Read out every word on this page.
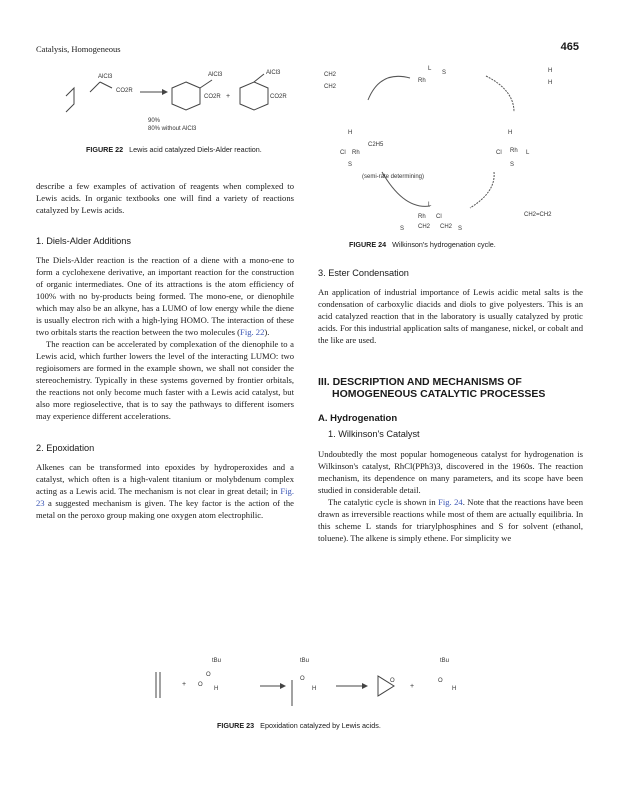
Catalysis, Homogeneous	465
AlCl3
CO2R
AlCl3
CO2R +
AlCl3
CO2R
90%
80% without AlCl3
FIGURE 22 Lewis acid catalyzed Diels-Alder reaction.
CH2
CH2
L
Rh
S	H
H
H	H
Cl Rh
C2H5
S
Cl Rh L
S
(semi-rate determining)
L
Rh Cl
CH2 CH2
CH2=CH2
S	S
FIGURE 24 Wilkinson's hydrogenation cycle.

describe a few examples of activation of reagents when complexed to Lewis acids. In organic textbooks one will find a variety of reactions catalyzed by Lewis acids.

1. Diels-Alder Additions

The Diels-Alder reaction is the reaction of a diene with a mono-ene to form a cyclohexene derivative, an important reaction for the construction of organic intermediates. One of its attractions is the atom efficiency of 100% with no by-products being formed. The mono-ene, or dienophile which may also be an alkyne, has a LUMO of low energy while the diene is usually electron rich with a high-lying HOMO. The interaction of these two orbitals starts the reaction between the two molecules (Fig. 22).

The reaction can be accelerated by complexation of the dienophile to a Lewis acid, which further lowers the level of the interacting LUMO: two regioisomers are formed in the example shown, we shall not consider the stereochemistry. Typically in these systems governed by frontier orbitals, the reactions not only become much faster with a Lewis acid catalyst, but also more regioselective, that is to say the pathways to different isomers may experience different accelerations.

2. Epoxidation

Alkenes can be transformed into epoxides by hydroperoxides and a catalyst, which often is a high-valent titanium or molybdenum complex acting as a Lewis acid. The mechanism is not clear in great detail; in Fig. 23 a suggested mechanism is given. The key factor is the action of the metal on the peroxo group making one oxygen atom electrophilic.

3. Ester Condensation

An application of industrial importance of Lewis acidic metal salts is the condensation of carboxylic diacids and diols to give polyesters. This is an acid catalyzed reaction that in the laboratory is usually catalyzed by protic acids. For this industrial application salts of manganese, nickel, or cobalt and the like are used.

III. DESCRIPTION AND MECHANISMS OF HOMOGENEOUS CATALYTIC PROCESSES

A. Hydrogenation

1. Wilkinson's Catalyst

Undoubtedly the most popular homogeneous catalyst for hydrogenation is Wilkinson's catalyst, RhCl(PPh3)3, discovered in the 1960s. The reaction mechanism, its dependence on many parameters, and its scope have been studied in considerable detail.

The catalytic cycle is shown in Fig. 24. Note that the reactions have been drawn as irreversible reactions while most of them are actually equilibria. In this scheme L stands for triarylphosphines and S for solvent (ethanol, toluene). The alkene is simply ethene. For simplicity we

+
tBu
O
O
H
tBu
O
H
O
+
tBu
O
H
FIGURE 23 Epoxidation catalyzed by Lewis acids.
